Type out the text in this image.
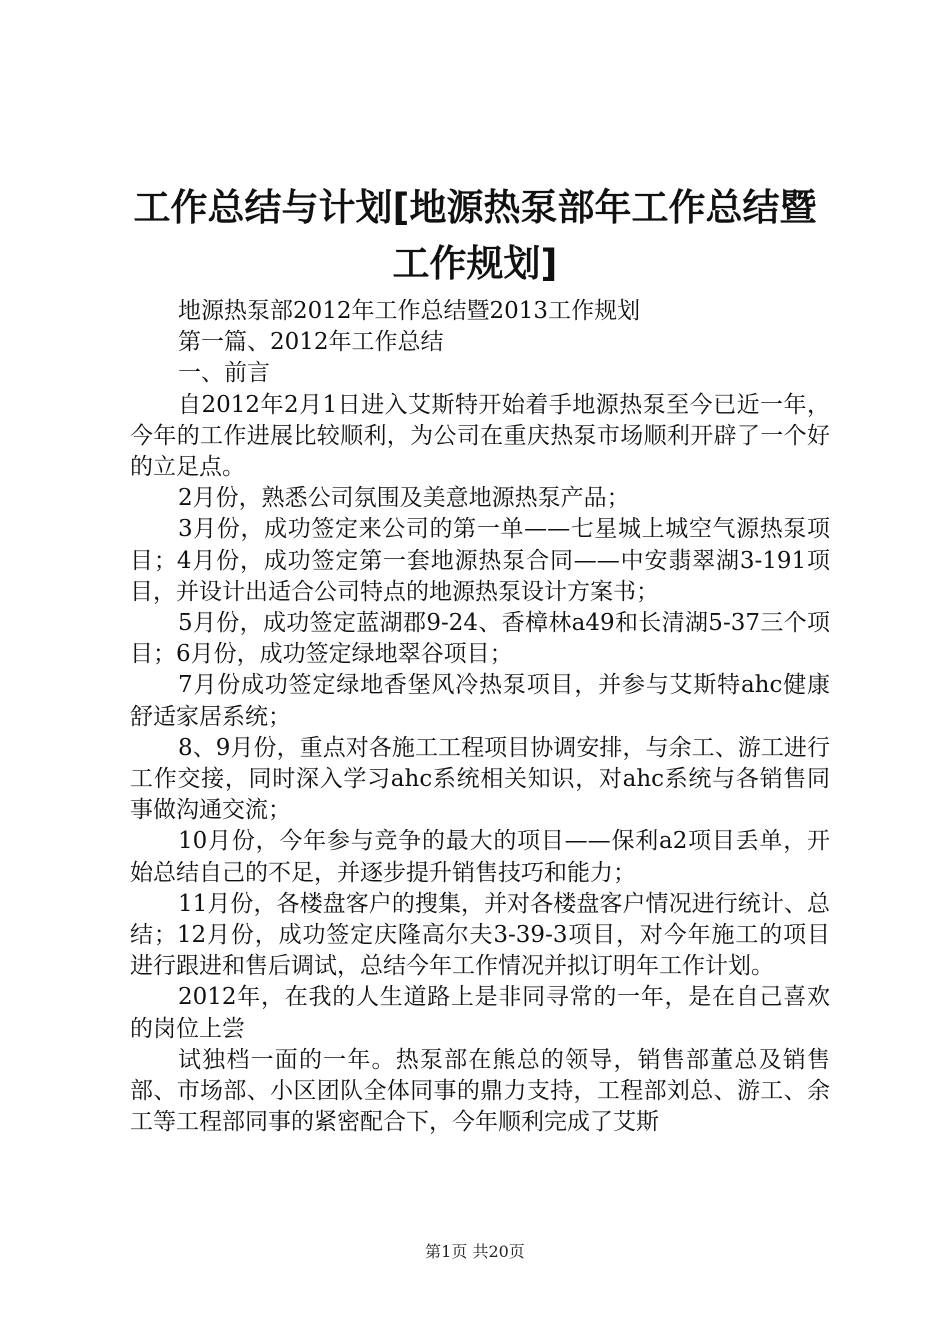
工作总结与计划[地源热泵部年工作总结暨工作规划]

地源热泵部2012年工作总结暨2013工作规划

第一篇、2012年工作总结

一、前言

自2012年2月1日进入艾斯特开始着手地源热泵至今已近一年，今年的工作进展比较顺利，为公司在重庆热泵市场顺利开辟了一个好的立足点。

2月份，熟悉公司氛围及美意地源热泵产品；

3月份，成功签定来公司的第一单——七星城上城空气源热泵项目；4月份，成功签定第一套地源热泵合同——中安翡翠湖3-191项目，并设计出适合公司特点的地源热泵设计方案书；

5月份，成功签定蓝湖郡9-24、香樟林a49和长清湖5-37三个项目；6月份，成功签定绿地翠谷项目；

7月份成功签定绿地香堡风冷热泵项目，并参与艾斯特ahc健康舒适家居系统；

8、9月份，重点对各施工工程项目协调安排，与余工、游工进行工作交接，同时深入学习ahc系统相关知识，对ahc系统与各销售同事做沟通交流；

10月份，今年参与竞争的最大的项目——保利a2项目丢单，开始总结自己的不足，并逐步提升销售技巧和能力；

11月份，各楼盘客户的搜集，并对各楼盘客户情况进行统计、总结；12月份，成功签定庆隆高尔夫3-39-3项目，对今年施工的项目进行跟进和售后调试，总结今年工作情况并拟订明年工作计划。

2012年，在我的人生道路上是非同寻常的一年，是在自己喜欢的岗位上尝

试独档一面的一年。热泵部在熊总的领导，销售部董总及销售部、市场部、小区团队全体同事的鼎力支持，工程部刘总、游工、余工等工程部同事的紧密配合下，今年顺利完成了艾斯

第1页 共20页
